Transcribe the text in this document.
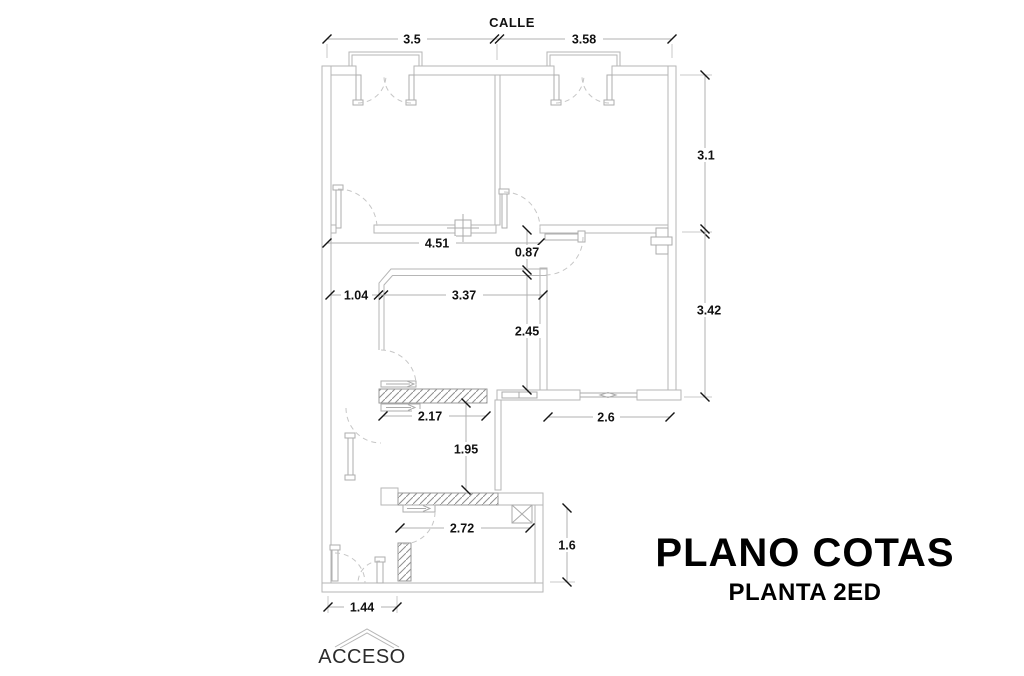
3.5	3.58
3.1
3.42
4.51
0.87
1.04	3.37
2.45
2.17
1.95
2.6
2.72
1.6
1.44
CALLE
ACCESO
PLANO COTAS
PLANTA 2ED
